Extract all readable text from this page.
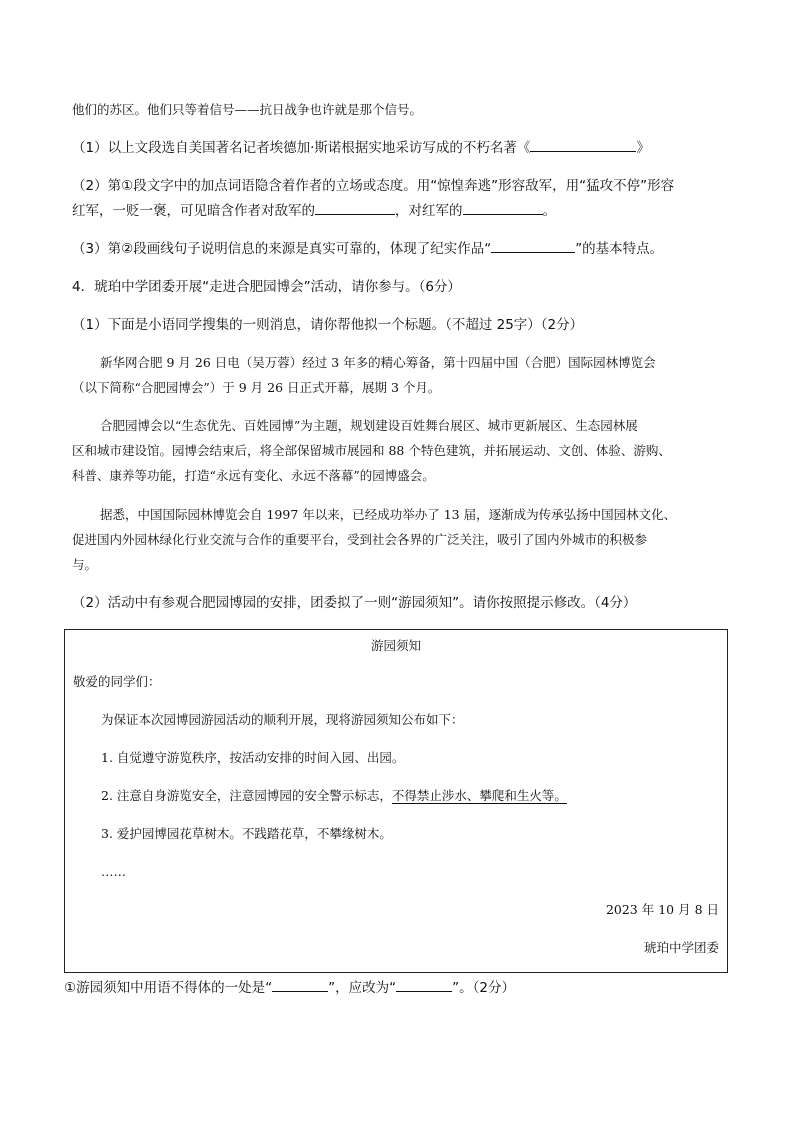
他们的苏区。他们只等着信号——抗日战争也许就是那个信号。
（1）以上文段选自美国著名记者埃德加·斯诺根据实地采访写成的不朽名著《	》
（2）第①段文字中的加点词语隐含着作者的立场或态度。用“惊惶奔逃”形容敌军，用“猛攻不停”形容
红军，一贬一褒，可见暗含作者对敌军的	，对红军的	。
（3）第②段画线句子说明信息的来源是真实可靠的，体现了纪实作品“	”的基本特点。
4．琥珀中学团委开展“走进合肥园博会”活动，请你参与。（6分）
（1）下面是小语同学搜集的一则消息，请你帮他拟一个标题。（不超过 25字）（2分）
新华网合肥 9 月 26 日电（吴万蓉）经过 3 年多的精心筹备，第十四届中国（合肥）国际园林博览会
（以下简称“合肥园博会”）于 9 月 26 日正式开幕，展期 3 个月。
合肥园博会以“生态优先、百姓园博”为主题，规划建设百姓舞台展区、城市更新展区、生态园林展
区和城市建设馆。园博会结束后，将全部保留城市展园和 88 个特色建筑，并拓展运动、文创、体验、游购、
科普、康养等功能，打造“永远有变化、永远不落幕”的园博盛会。
据悉，中国国际园林博览会自 1997 年以来，已经成功举办了 13 届，逐渐成为传承弘扬中国园林文化、
促进国内外园林绿化行业交流与合作的重要平台，受到社会各界的广泛关注，吸引了国内外城市的积极参
与。
（2）活动中有参观合肥园博园的安排，团委拟了一则“游园须知”。请你按照提示修改。（4分）
游园须知
敬爱的同学们：
为保证本次园博园游园活动的顺利开展，现将游园须知公布如下：
1. 自觉遵守游览秩序，按活动安排的时间入园、出园。
2. 注意自身游览安全，注意园博园的安全警示标志，不得禁止涉水、攀爬和生火等。
3. 爱护园博园花草树木。不践踏花草，不攀缘树木。
……
2023 年 10 月 8 日
琥珀中学团委
①游园须知中用语不得体的一处是“	”，应改为“	”。（2分）
